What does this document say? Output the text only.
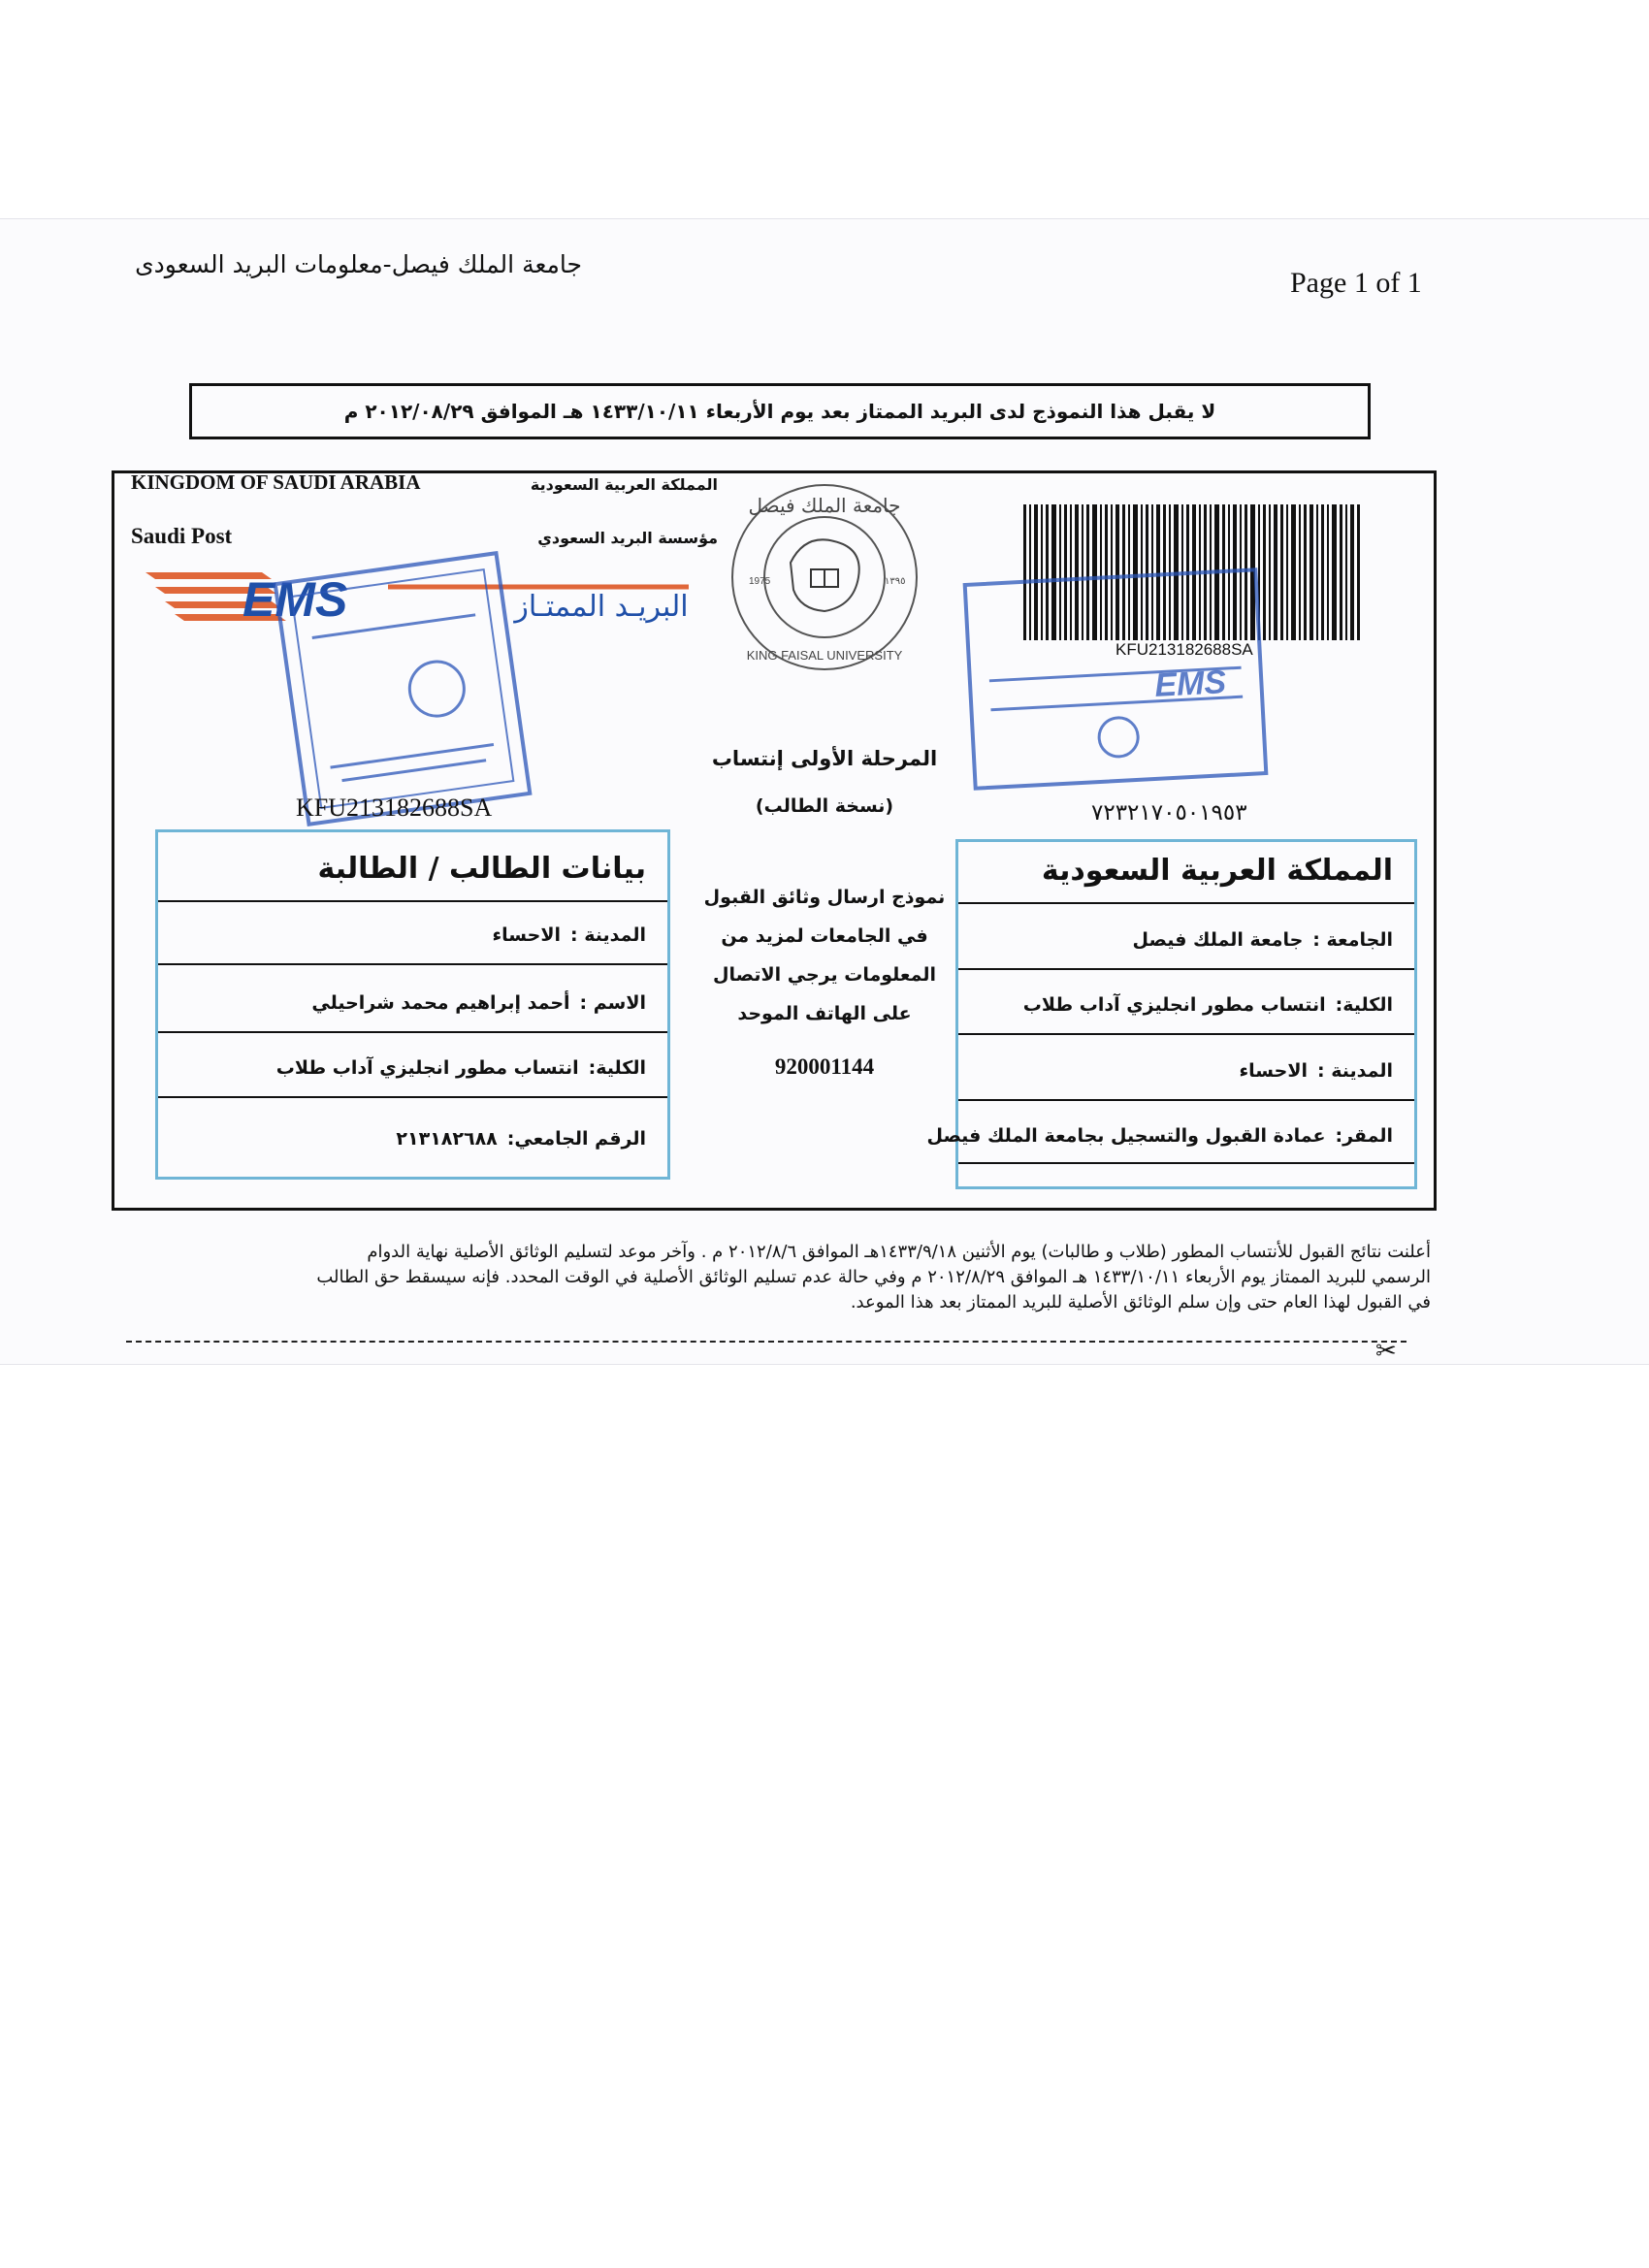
جامعة الملك فيصل-معلومات البريد السعودى
Page 1 of 1
لا يقبل هذا النموذج لدى البريد الممتاز بعد يوم الأربعاء ١٤٣٣/١٠/١١ هـ الموافق ٢٠١٢/٠٨/٢٩ م
KINGDOM OF SAUDI ARABIA
Saudi Post
المملكة العربية السعودية
مؤسسة البريد السعودي
EMS	البريـد الممتـاز
جامعة الملك فيصل
KING FAISAL UNIVERSITY
1975	١٣٩٥
KFU213182688SA
EMS
المرحلة الأولى إنتساب
(نسخة الطالب)
KFU213182688SA	٧٢٣٢١٧٠٥٠١٩٥٣
بيانات الطالب / الطالبة
المدينة :الاحساء
الاسم :أحمد إبراهيم محمد شراحيلي
الكلية:انتساب مطور انجليزي آداب طلاب
الرقم الجامعي:٢١٣١٨٢٦٨٨
نموذج ارسال وثائق القبول
في الجامعات لمزيد من
المعلومات يرجي الاتصال
على الهاتف الموحد
920001144
المملكة العربية السعودية
الجامعة :جامعة الملك فيصل
الكلية:انتساب مطور انجليزي آداب طلاب
المدينة :الاحساء
المقر:عمادة القبول والتسجيل بجامعة الملك فيصل
أعلنت نتائج القبول للأنتساب المطور (طلاب و طالبات) يوم الأثنين ١٤٣٣/٩/١٨هـ الموافق ٢٠١٢/٨/٦ م . وآخر موعد لتسليم الوثائق الأصلية نهاية الدوام
الرسمي للبريد الممتاز يوم الأربعاء ١٤٣٣/١٠/١١ هـ الموافق ٢٠١٢/٨/٢٩ م وفي حالة عدم تسليم الوثائق الأصلية في الوقت المحدد. فإنه سيسقط حق الطالب
في القبول لهذا العام حتى وإن سلم الوثائق الأصلية للبريد الممتاز بعد هذا الموعد.
✂
